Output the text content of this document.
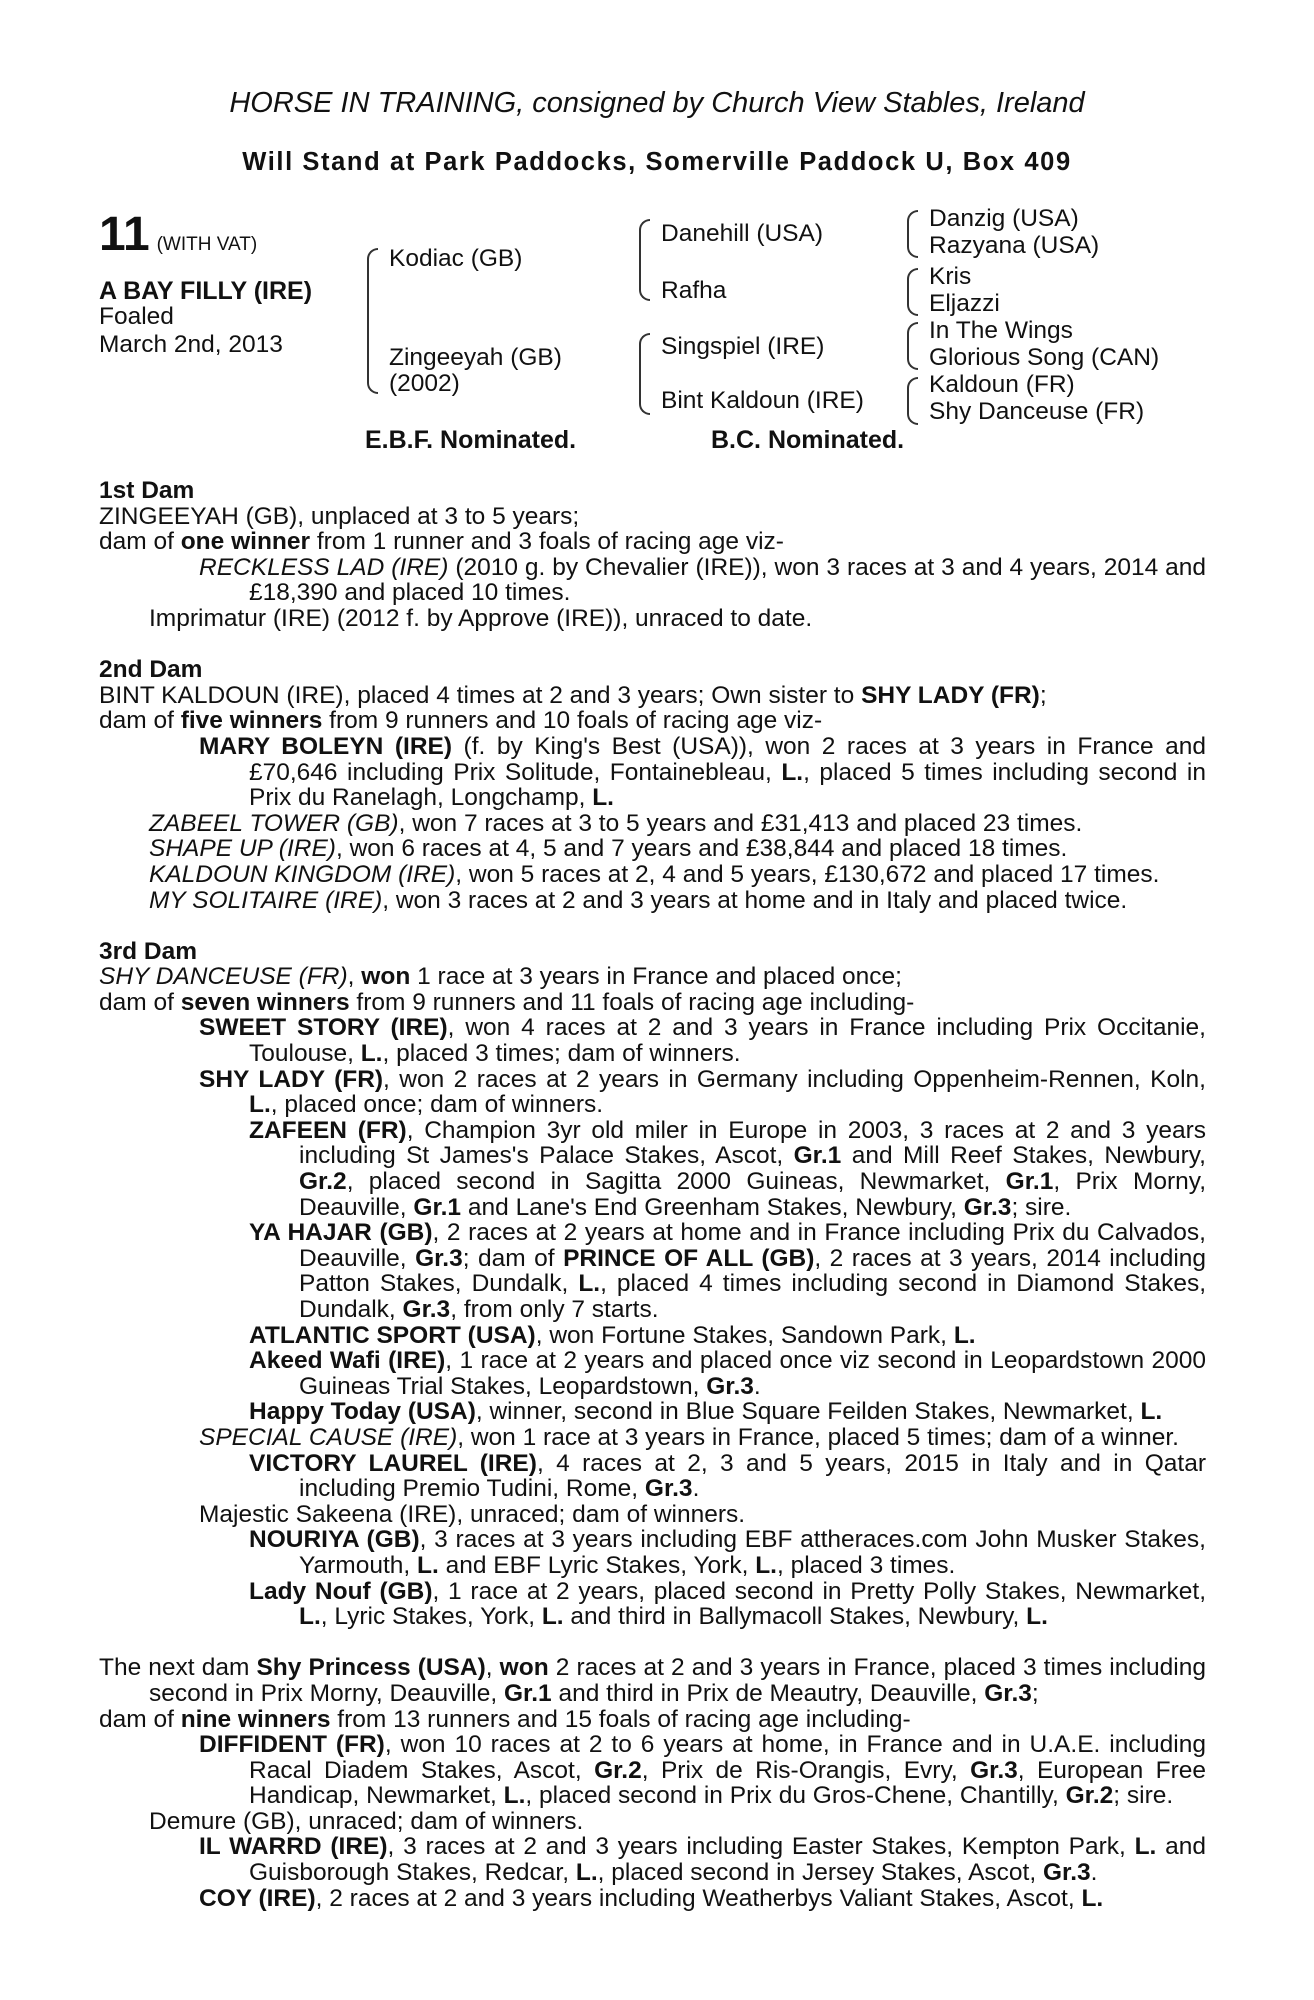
HORSE IN TRAINING, consigned by Church View Stables, Ireland
Will Stand at Park Paddocks, Somerville Paddock U, Box 409
11 (WITH VAT)
A BAY FILLY (IRE)
Foaled
March 2nd, 2013
Kodiac (GB)
Zingeeyah (GB)
(2002)
Danehill (USA)
Rafha
Singspiel (IRE)
Bint Kaldoun (IRE)
Danzig (USA)
Razyana (USA)
Kris
Eljazzi
In The Wings
Glorious Song (CAN)
Kaldoun (FR)
Shy Danceuse (FR)
E.B.F. Nominated.	B.C. Nominated.
1st Dam
ZINGEEYAH (GB), unplaced at 3 to 5 years;
dam of one winner from 1 runner and 3 foals of racing age viz-
RECKLESS LAD (IRE) (2010 g. by Chevalier (IRE)), won 3 races at 3 and 4 years, 2014 and £18,390 and placed 10 times.
Imprimatur (IRE) (2012 f. by Approve (IRE)), unraced to date.
2nd Dam
BINT KALDOUN (IRE), placed 4 times at 2 and 3 years; Own sister to SHY LADY (FR);
dam of five winners from 9 runners and 10 foals of racing age viz-
MARY BOLEYN (IRE) (f. by King's Best (USA)), won 2 races at 3 years in France and £70,646 including Prix Solitude, Fontainebleau, L., placed 5 times including second in Prix du Ranelagh, Longchamp, L.
ZABEEL TOWER (GB), won 7 races at 3 to 5 years and £31,413 and placed 23 times.
SHAPE UP (IRE), won 6 races at 4, 5 and 7 years and £38,844 and placed 18 times.
KALDOUN KINGDOM (IRE), won 5 races at 2, 4 and 5 years, £130,672 and placed 17 times.
MY SOLITAIRE (IRE), won 3 races at 2 and 3 years at home and in Italy and placed twice.
3rd Dam
SHY DANCEUSE (FR), won 1 race at 3 years in France and placed once;
dam of seven winners from 9 runners and 11 foals of racing age including-
SWEET STORY (IRE), won 4 races at 2 and 3 years in France including Prix Occitanie, Toulouse, L., placed 3 times; dam of winners.
SHY LADY (FR), won 2 races at 2 years in Germany including Oppenheim-Rennen, Koln, L., placed once; dam of winners.
ZAFEEN (FR), Champion 3yr old miler in Europe in 2003, 3 races at 2 and 3 years including St James's Palace Stakes, Ascot, Gr.1 and Mill Reef Stakes, Newbury, Gr.2, placed second in Sagitta 2000 Guineas, Newmarket, Gr.1, Prix Morny, Deauville, Gr.1 and Lane's End Greenham Stakes, Newbury, Gr.3; sire.
YA HAJAR (GB), 2 races at 2 years at home and in France including Prix du Calvados, Deauville, Gr.3; dam of PRINCE OF ALL (GB), 2 races at 3 years, 2014 including Patton Stakes, Dundalk, L., placed 4 times including second in Diamond Stakes, Dundalk, Gr.3, from only 7 starts.
ATLANTIC SPORT (USA), won Fortune Stakes, Sandown Park, L.
Akeed Wafi (IRE), 1 race at 2 years and placed once viz second in Leopardstown 2000 Guineas Trial Stakes, Leopardstown, Gr.3.
Happy Today (USA), winner, second in Blue Square Feilden Stakes, Newmarket, L.
SPECIAL CAUSE (IRE), won 1 race at 3 years in France, placed 5 times; dam of a winner.
VICTORY LAUREL (IRE), 4 races at 2, 3 and 5 years, 2015 in Italy and in Qatar including Premio Tudini, Rome, Gr.3.
Majestic Sakeena (IRE), unraced; dam of winners.
NOURIYA (GB), 3 races at 3 years including EBF attheraces.com John Musker Stakes, Yarmouth, L. and EBF Lyric Stakes, York, L., placed 3 times.
Lady Nouf (GB), 1 race at 2 years, placed second in Pretty Polly Stakes, Newmarket, L., Lyric Stakes, York, L. and third in Ballymacoll Stakes, Newbury, L.
The next dam Shy Princess (USA), won 2 races at 2 and 3 years in France, placed 3 times including second in Prix Morny, Deauville, Gr.1 and third in Prix de Meautry, Deauville, Gr.3;
dam of nine winners from 13 runners and 15 foals of racing age including-
DIFFIDENT (FR), won 10 races at 2 to 6 years at home, in France and in U.A.E. including Racal Diadem Stakes, Ascot, Gr.2, Prix de Ris-Orangis, Evry, Gr.3, European Free Handicap, Newmarket, L., placed second in Prix du Gros-Chene, Chantilly, Gr.2; sire.
Demure (GB), unraced; dam of winners.
IL WARRD (IRE), 3 races at 2 and 3 years including Easter Stakes, Kempton Park, L. and Guisborough Stakes, Redcar, L., placed second in Jersey Stakes, Ascot, Gr.3.
COY (IRE), 2 races at 2 and 3 years including Weatherbys Valiant Stakes, Ascot, L.
